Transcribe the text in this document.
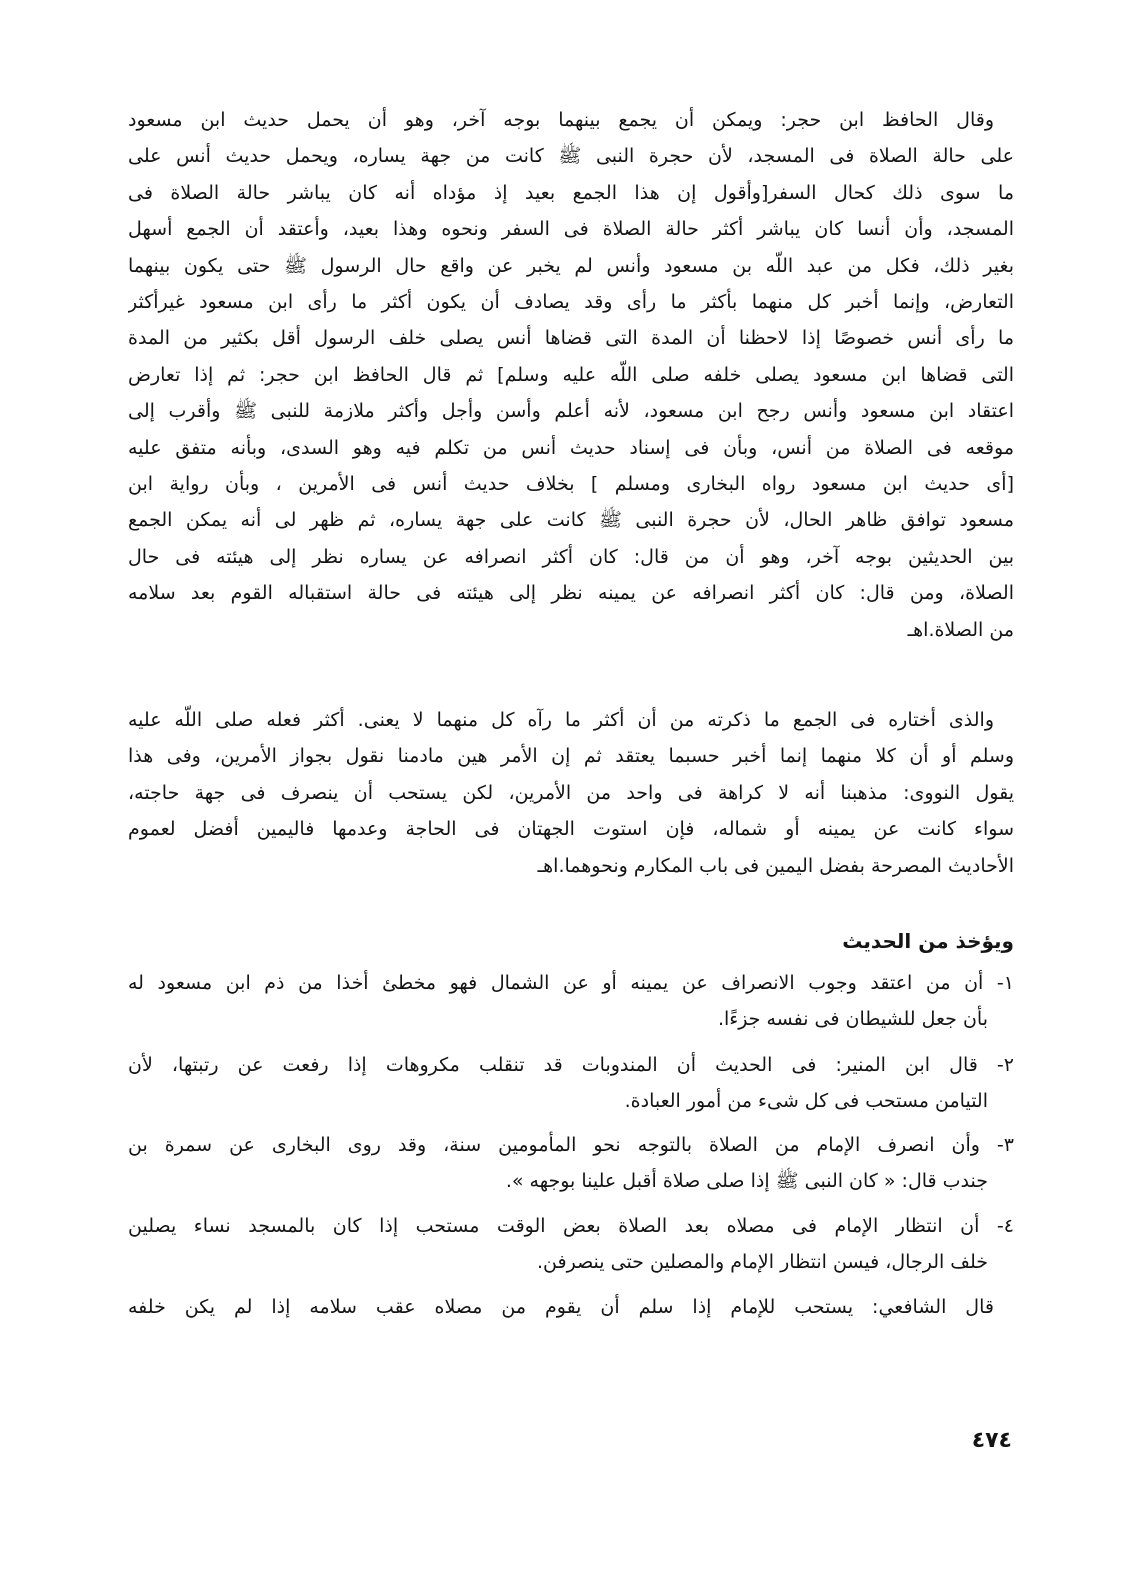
وقال الحافظ ابن حجر: ويمكن أن يجمع بينهما بوجه آخر، وهو أن يحمل حديث ابن مسعود
على حالة الصلاة فى المسجد، لأن حجرة النبى ﷺ كانت من جهة يساره، ويحمل حديث أنس على
ما سوى ذلك كحال السفر[وأقول إن هذا الجمع بعيد إذ مؤداه أنه كان يباشر حالة الصلاة فى
المسجد، وأن أنسا كان يباشر أكثر حالة الصلاة فى السفر ونحوه وهذا بعيد، وأعتقد أن الجمع أسهل
بغير ذلك، فكل من عبد اللَّه بن مسعود وأنس لم يخبر عن واقع حال الرسول ﷺ حتى يكون بينهما
التعارض، وإنما أخبر كل منهما بأكثر ما رأى وقد يصادف أن يكون أكثر ما رأى ابن مسعود غيرأكثر
ما رأى أنس خصوصًا إذا لاحظنا أن المدة التى قضاها أنس يصلى خلف الرسول أقل بكثير من المدة
التى قضاها ابن مسعود يصلى خلفه صلى اللَّه عليه وسلم] ثم قال الحافظ ابن حجر: ثم إذا تعارض
اعتقاد ابن مسعود وأنس رجح ابن مسعود، لأنه أعلم وأسن وأجل وأكثر ملازمة للنبى ﷺ وأقرب إلى
موقعه فى الصلاة من أنس، وبأن فى إسناد حديث أنس من تكلم فيه وهو السدى، وبأنه متفق عليه
[أى حديث ابن مسعود رواه البخارى ومسلم ] بخلاف حديث أنس فى الأمرين ، وبأن رواية ابن
مسعود توافق ظاهر الحال، لأن حجرة النبى ﷺ كانت على جهة يساره، ثم ظهر لى أنه يمكن الجمع
بين الحديثين بوجه آخر، وهو أن من قال: كان أكثر انصرافه عن يساره نظر إلى هيئته فى حال
الصلاة، ومن قال: كان أكثر انصرافه عن يمينه نظر إلى هيئته فى حالة استقباله القوم بعد سلامه
من الصلاة.اهـ
والذى أختاره فى الجمع ما ذكرته من أن أكثر ما رآه كل منهما لا يعنى. أكثر فعله صلى اللَّه عليه
وسلم أو أن كلا منهما إنما أخبر حسبما يعتقد ثم إن الأمر هين مادمنا نقول بجواز الأمرين، وفى هذا
يقول النووى: مذهبنا أنه لا كراهة فى واحد من الأمرين، لكن يستحب أن ينصرف فى جهة حاجته،
سواء كانت عن يمينه أو شماله، فإن استوت الجهتان فى الحاجة وعدمها فاليمين أفضل لعموم
الأحاديث المصرحة بفضل اليمين فى باب المكارم ونحوهما.اهـ
ويؤخذ من الحديث
١- أن من اعتقد وجوب الانصراف عن يمينه أو عن الشمال فهو مخطئ أخذا من ذم ابن مسعود له
بأن جعل للشيطان فى نفسه جزءًا.
٢- قال ابن المنير: فى الحديث أن المندوبات قد تنقلب مكروهات إذا رفعت عن رتبتها، لأن
التيامن مستحب فى كل شىء من أمور العبادة.
٣- وأن انصرف الإمام من الصلاة بالتوجه نحو المأمومين سنة، وقد روى البخارى عن سمرة بن
جندب قال: « كان النبى ﷺ إذا صلى صلاة أقبل علينا بوجهه ».
٤- أن انتظار الإمام فى مصلاه بعد الصلاة بعض الوقت مستحب إذا كان بالمسجد نساء يصلين
خلف الرجال، فيسن انتظار الإمام والمصلين حتى ينصرفن.
قال الشافعي: يستحب للإمام إذا سلم أن يقوم من مصلاه عقب سلامه إذا لم يكن خلفه
٤٧٤
